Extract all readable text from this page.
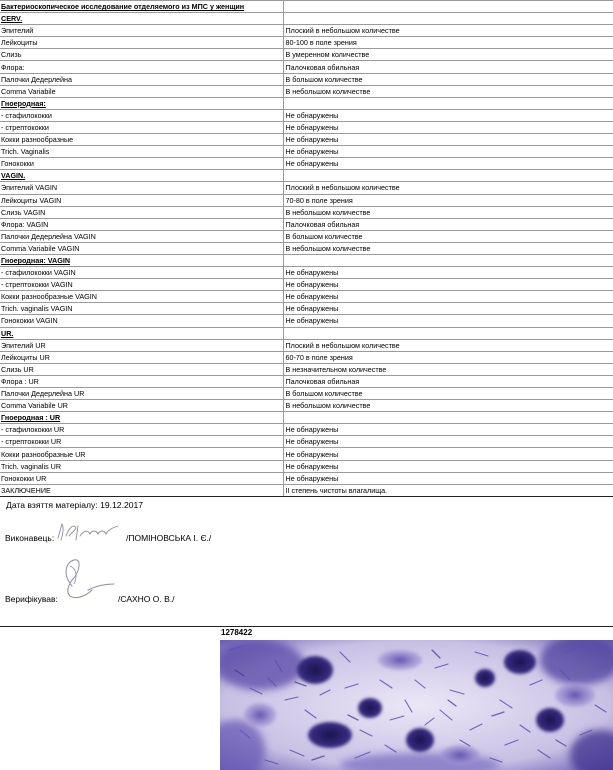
Бактериоскопическое исследование отделяемого из МПС у женщин	
CERV.	
Эпителий	Плоский в небольшом количестве
Лейкоциты	80-100 в поле зрения
Слизь	В умеренном количестве
Флора:	Палочковая обильная
Палочки Дедерлейна	В большом количестве
Comma Variabile	В небольшом количестве
Гноеродная:	
- стафилококки	Не обнаружены
- стрептококки	Не обнаружены
Кокки разнообразные	Не обнаружены
Trich. Vaginalis	Не обнаружены
Гонококки	Не обнаружены
VAGIN.	
Эпителий VAGIN	Плоский в небольшом количестве
Лейкоциты VAGIN	70-80 в поле зрения
Слизь VAGIN	В небольшом количестве
Флора: VAGIN	Палочковая обильная
Палочки Дедерлейна VAGIN	В большом количестве
Comma Variabile VAGIN	В небольшом количестве
Гноеродная: VAGIN	
- стафилококки VAGIN	Не обнаружены
- стрептококки VAGIN	Не обнаружены
Кокки разнообразные VAGIN	Не обнаружены
Trich. vaginalis VAGIN	Не обнаружены
Гонококки VAGIN	Не обнаружены
UR.	
Эпителий UR	Плоский в небольшом количестве
Лейкоциты UR	60-70 в поле зрения
Слизь UR	В незначительном количестве
Флора : UR	Палочковая обильная
Палочки Дедерлейна UR	В большом количестве
Comma Variabile UR	В небольшом количестве
Гноеродная : UR	
- стафилококки UR	Не обнаружены
- стрептококки UR	Не обнаружены
Кокки разнообразные UR	Не обнаружены
Trich. vaginalis UR	Не обнаружены
Гонококки UR	Не обнаружены
ЗАКЛЮЧЕНИЕ	II степень чистоты влагалища.
Дата взяття матеріалу: 19.12.2017
Виконавець:	/ПОМІНОВСЬКА І. Є./
Верифікував:	/САХНО О. В./
1278422
